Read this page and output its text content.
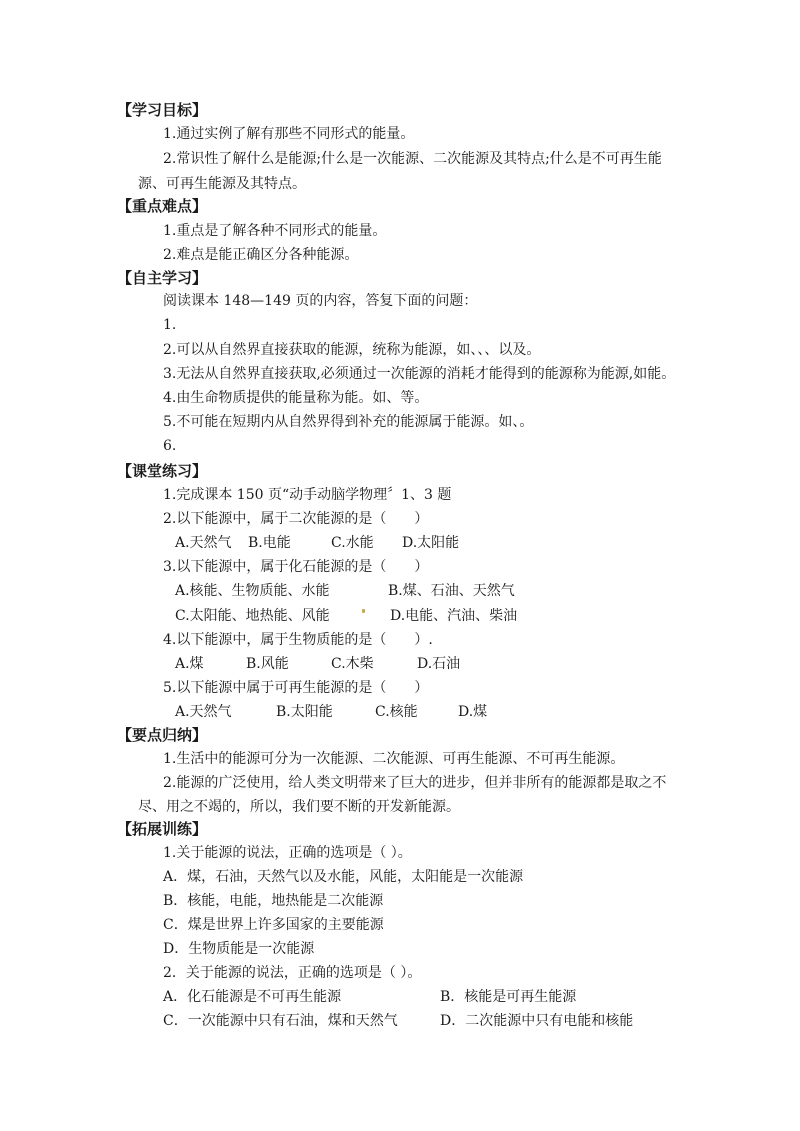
【学习目标】
1.通过实例了解有那些不同形式的能量。
2.常识性了解什么是能源;什么是一次能源、二次能源及其特点;什么是不可再生能
源、可再生能源及其特点。
【重点难点】
1.重点是了解各种不同形式的能量。
2.难点是能正确区分各种能源。
【自主学习】
阅读课本 148—149 页的内容，答复下面的问题：
1.
2.可以从自然界直接获取的能源，统称为能源，如、、、以及。
3.无法从自然界直接获取,必须通过一次能源的消耗才能得到的能源称为能源,如能。
4.由生命物质提供的能量称为能。如、等。
5.不可能在短期内从自然界得到补充的能源属于能源。如、。
6.
【课堂练习】
1.完成课本 150 页“动手动脑学物理〞1、3 题
2.以下能源中，属于二次能源的是（　　）
A.天然气 B.电能	C.水能 D.太阳能
3.以下能源中，属于化石能源的是（　　）
A.核能、生物质能、水能	B.煤、石油、天然气
C.太阳能、地热能、风能	D.电能、汽油、柴油
4.以下能源中，属于生物质能的是（　　）.
A.煤	B.风能	C.木柴	D.石油
5.以下能源中属于可再生能源的是（　　）
A.天然气	B.太阳能	C.核能	D.煤
【要点归纳】
1.生活中的能源可分为一次能源、二次能源、可再生能源、不可再生能源。
2.能源的广泛使用，给人类文明带来了巨大的进步，但并非所有的能源都是取之不
尽、用之不竭的，所以，我们要不断的开发新能源。
【拓展训练】
1.关于能源的说法，正确的选项是（ ）。
A．煤，石油，天然气以及水能，风能，太阳能是一次能源
B．核能，电能，地热能是二次能源
C．煤是世界上许多国家的主要能源
D．生物质能是一次能源
2．关于能源的说法，正确的选项是（ ）。
A．化石能源是不可再生能源	B．核能是可再生能源
C．一次能源中只有石油，煤和天然气	D．二次能源中只有电能和核能
